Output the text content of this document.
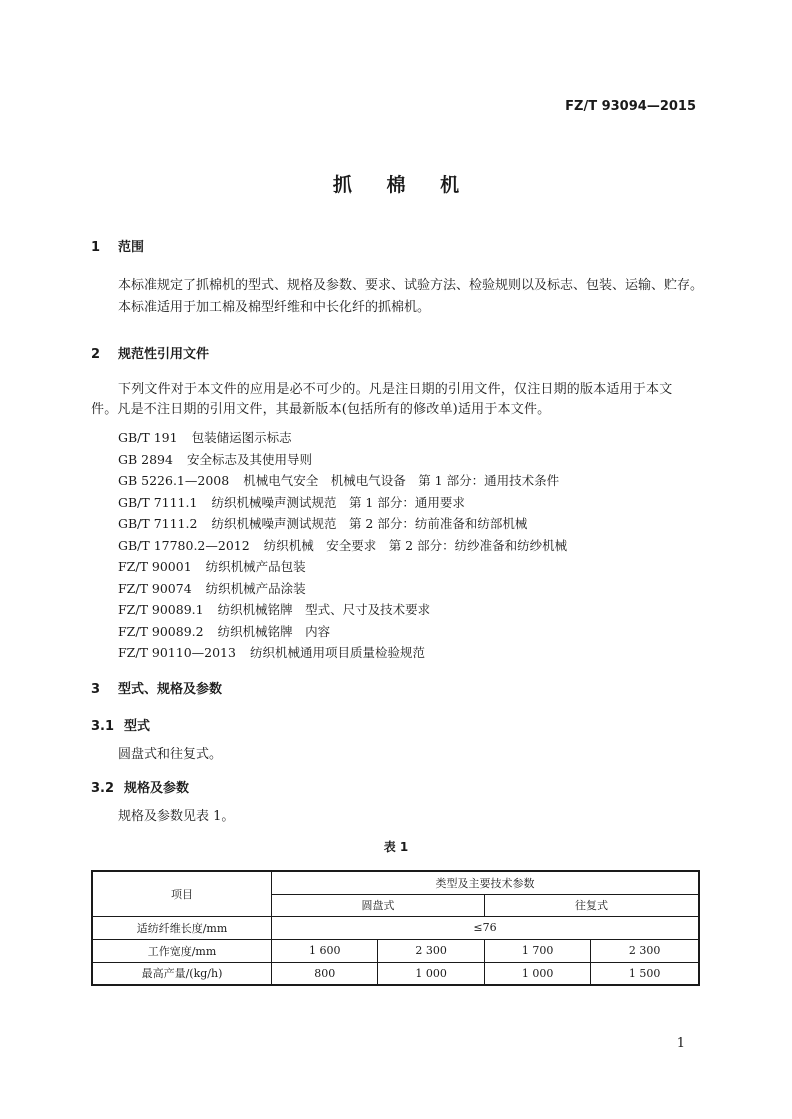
FZ/T 93094—2015
抓 棉 机
1 范围
本标准规定了抓棉机的型式、规格及参数、要求、试验方法、检验规则以及标志、包装、运输、贮存。
本标准适用于加工棉及棉型纤维和中长化纤的抓棉机。
2 规范性引用文件
下列文件对于本文件的应用是必不可少的。凡是注日期的引用文件，仅注日期的版本适用于本文件。凡是不注日期的引用文件，其最新版本(包括所有的修改单)适用于本文件。
GB/T 191 包装储运图示标志
GB 2894 安全标志及其使用导则
GB 5226.1—2008 机械电气安全　机械电气设备　第 1 部分：通用技术条件
GB/T 7111.1 纺织机械噪声测试规范　第 1 部分：通用要求
GB/T 7111.2 纺织机械噪声测试规范　第 2 部分：纺前准备和纺部机械
GB/T 17780.2—2012 纺织机械　安全要求　第 2 部分：纺纱准备和纺纱机械
FZ/T 90001 纺织机械产品包装
FZ/T 90074 纺织机械产品涂装
FZ/T 90089.1 纺织机械铭牌　型式、尺寸及技术要求
FZ/T 90089.2 纺织机械铭牌　内容
FZ/T 90110—2013 纺织机械通用项目质量检验规范
3 型式、规格及参数
3.1 型式
圆盘式和往复式。
3.2 规格及参数
规格及参数见表 1。
表 1
项目	类型及主要技术参数			
	圆盘式		往复式	
适纺纤维长度/mm	≤76			
工作宽度/mm	1 600	2 300	1 700	2 300
最高产量/(kg/h)	800	1 000	1 000	1 500
1
